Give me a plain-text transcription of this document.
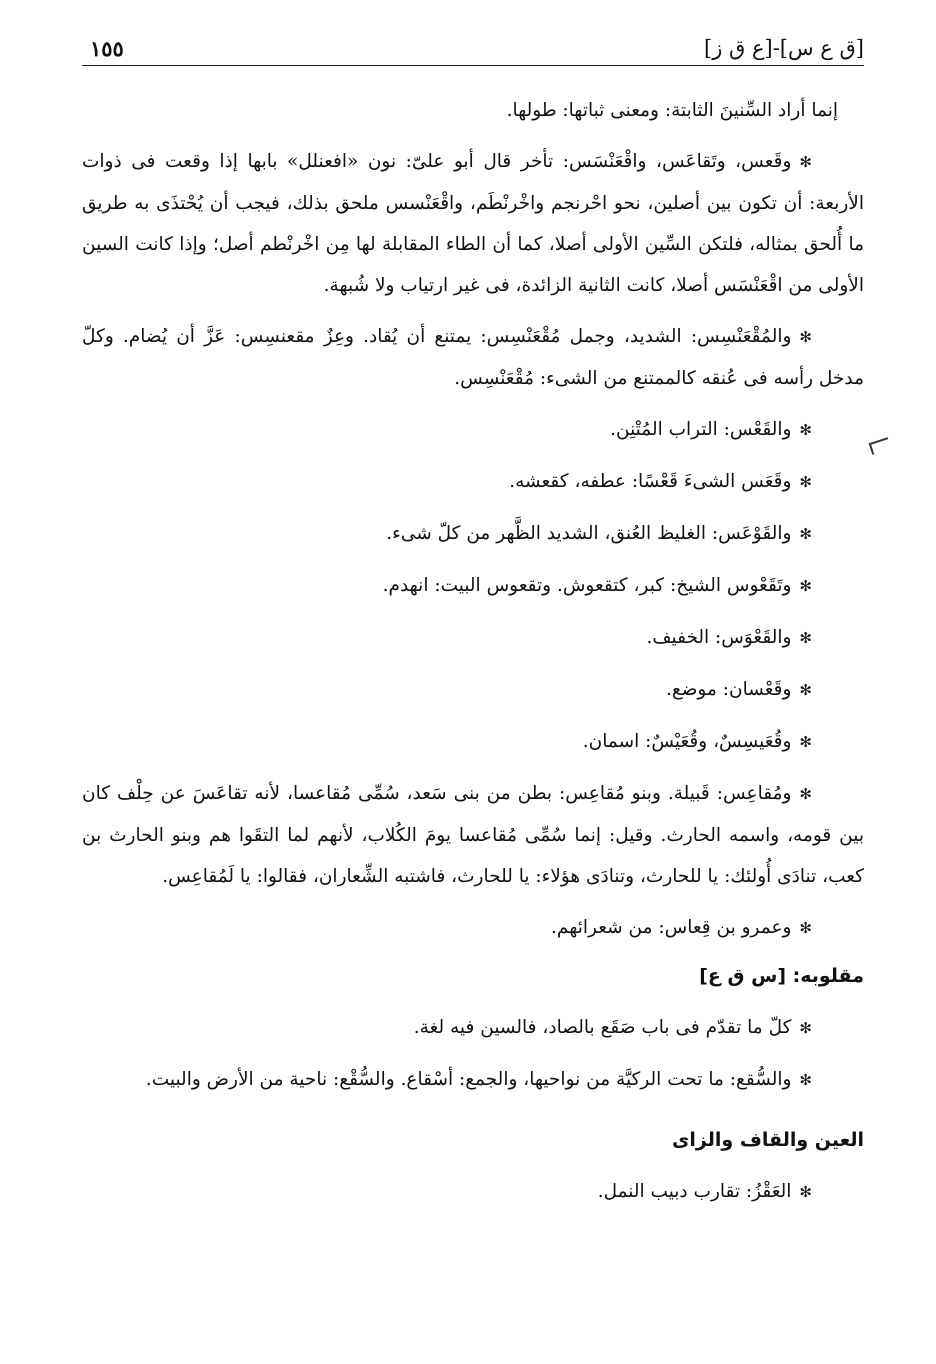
[ق ع س]-[ع ق ز]
١٥٥

إنما أراد السِّنينَ الثابتة: ومعنى ثباتها: طولها.

✻وقَعس، وتَقاعَس، واقْعَنْسَس: تأخر قال أبو علىّ: نون «افعنلل» بابها إذا وقعت فى ذوات الأربعة: أن تكون بين أصلين، نحو احْرنجم واخْرنْطَم، واقْعَنْسس ملحق بذلك، فيجب أن يُحْتذَى به طريق ما أُلحق بمثاله، فلتكن السِّين الأولى أصلا، كما أن الطاء المقابلة لها مِن اخْرنْطم أصل؛ وإذا كانت السين الأولى من اقْعَنْسَس أصلا، كانت الثانية الزائدة، فى غير ارتياب ولا شُبهة.

✻والمُقْعَنْسِس: الشديد، وجمل مُقْعَنْسِس: يمتنع أن يُقاد. وعِزٌ مقعنسِس: عَزَّ أن يُضام. وكلّ مدخل رأسه فى عُنقه كالممتنع من الشىء: مُقْعَنْسِس.

✻والقَعْس: التراب المُتْنِن.

✻وقَعَس الشىءَ قَعْسًا: عطفه، كقعشه.

✻والقَوْعَس: الغليظ العُنق، الشديد الظَّهر من كلّ شىء.

✻وتَقَعْوس الشيخ: كبر، كتقعوش. وتقعوس البيت: انهدم.

✻والقَعْوَس: الخفيف.

✻وقَعْسان: موضع.

✻وقُعَيسِسٌ، وقُعَيْسٌ: اسمان.

✻ومُقاعِس: قَبيلة. وبنو مُقاعِس: بطن من بنى سَعد، سُمِّى مُقاعسا، لأنه تقاعَسَ عن حِلْف كان بين قومه، واسمه الحارث. وقيل: إنما سُمِّى مُقاعسا يومَ الكُلاب، لأنهم لما التقَوا هم وبنو الحارث بن كعب، تنادَى أُولئك: يا للحارث، وتنادَى هؤلاء: يا للحارث، فاشتبه الشِّعاران، فقالوا: يا لَمُقاعِس.

✻وعمرو بن قِعاس: من شعرائهم.

مقلوبه: [س ق ع]

✻كلّ ما تقدّم فى باب صَقَع بالصاد، فالسين فيه لغة.

✻والسُّقع: ما تحت الركيَّة من نواحيها، والجمع: أسْقاع. والسُّقْع: ناحية من الأرض والبيت.

العين والقاف والزاى

✻العَقْزُ: تقارب دبيب النمل.
